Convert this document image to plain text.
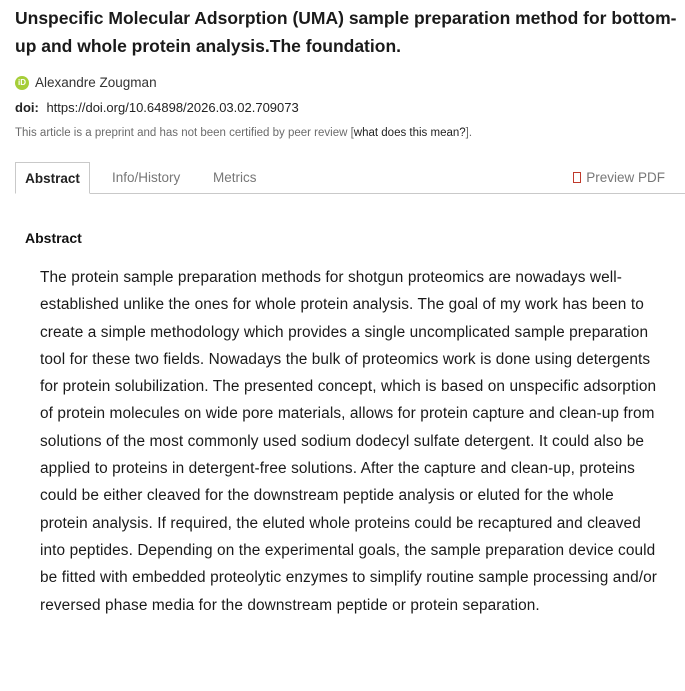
Unspecific Molecular Adsorption (UMA) sample preparation method for bottom-up and whole protein analysis.The foundation.
iD Alexandre Zougman
doi: https://doi.org/10.64898/2026.03.02.709073
This article is a preprint and has not been certified by peer review [what does this mean?].
Abstract	Info/History Metrics	Preview PDF
Abstract

The protein sample preparation methods for shotgun proteomics are nowadays well-established unlike the ones for whole protein analysis. The goal of my work has been to create a simple methodology which provides a single uncomplicated sample preparation tool for these two fields. Nowadays the bulk of proteomics work is done using detergents for protein solubilization. The presented concept, which is based on unspecific adsorption of protein molecules on wide pore materials, allows for protein capture and clean-up from solutions of the most commonly used sodium dodecyl sulfate detergent. It could also be applied to proteins in detergent-free solutions. After the capture and clean-up, proteins could be either cleaved for the downstream peptide analysis or eluted for the whole protein analysis. If required, the eluted whole proteins could be recaptured and cleaved into peptides. Depending on the experimental goals, the sample preparation device could be fitted with embedded proteolytic enzymes to simplify routine sample processing and/or reversed phase media for the downstream peptide or protein separation.
